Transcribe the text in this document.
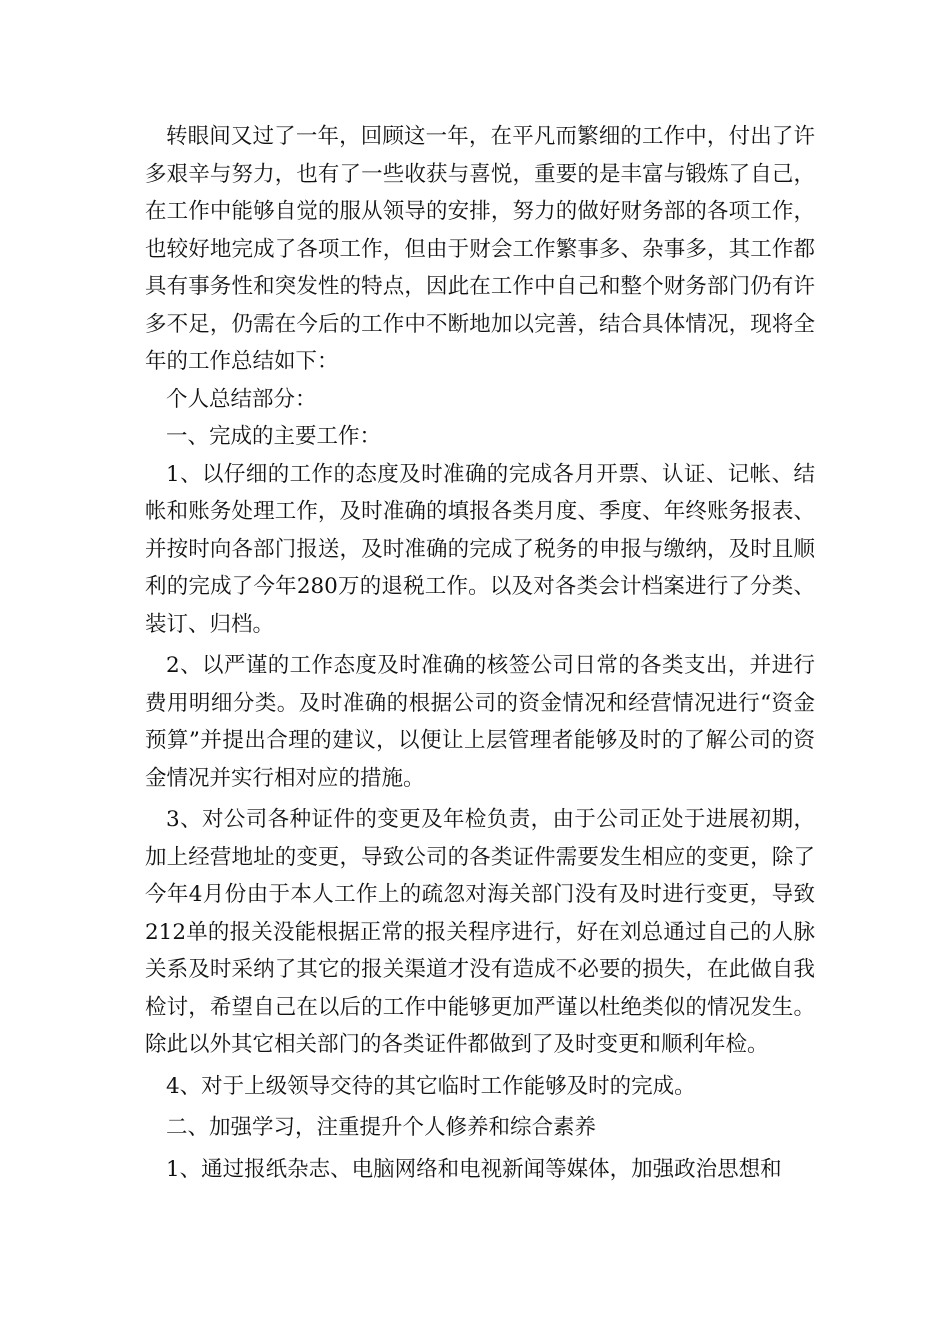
转眼间又过了一年，回顾这一年，在平凡而繁细的工作中，付出了许多艰辛与努力，也有了一些收获与喜悦，重要的是丰富与锻炼了自己，在工作中能够自觉的服从领导的安排，努力的做好财务部的各项工作，也较好地完成了各项工作，但由于财会工作繁事多、杂事多，其工作都具有事务性和突发性的特点，因此在工作中自己和整个财务部门仍有许多不足，仍需在今后的工作中不断地加以完善，结合具体情况，现将全年的工作总结如下：

个人总结部分：

一、完成的主要工作：

1、以仔细的工作的态度及时准确的完成各月开票、认证、记帐、结帐和账务处理工作，及时准确的填报各类月度、季度、年终账务报表、并按时向各部门报送，及时准确的完成了税务的申报与缴纳，及时且顺利的完成了今年280万的退税工作。以及对各类会计档案进行了分类、装订、归档。

2、以严谨的工作态度及时准确的核签公司日常的各类支出，并进行费用明细分类。及时准确的根据公司的资金情况和经营情况进行“资金预算”并提出合理的建议，以便让上层管理者能够及时的了解公司的资金情况并实行相对应的措施。

3、对公司各种证件的变更及年检负责，由于公司正处于进展初期，加上经营地址的变更，导致公司的各类证件需要发生相应的变更，除了今年4月份由于本人工作上的疏忽对海关部门没有及时进行变更，导致212单的报关没能根据正常的报关程序进行，好在刘总通过自己的人脉关系及时采纳了其它的报关渠道才没有造成不必要的损失，在此做自我检讨，希望自己在以后的工作中能够更加严谨以杜绝类似的情况发生。除此以外其它相关部门的各类证件都做到了及时变更和顺利年检。

4、对于上级领导交待的其它临时工作能够及时的完成。

二、加强学习，注重提升个人修养和综合素养

1、通过报纸杂志、电脑网络和电视新闻等媒体，加强政治思想和
